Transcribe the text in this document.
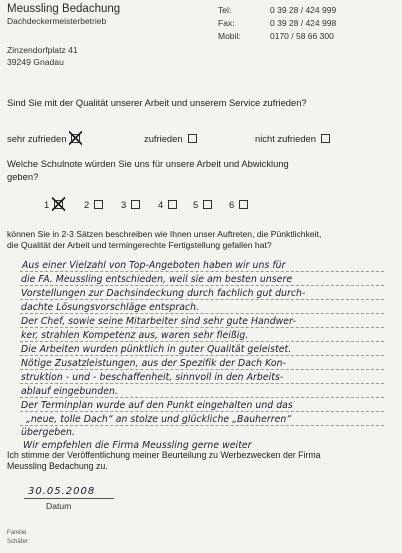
Meussling Bedachung
Dachdeckermeisterbetrieb
Tel:	0 39 28 / 424 999
Fax:	0 39 28 / 424 998
Mobil:	0170 / 58 66 300
Zinzendorfplatz 41
39249 Gnadau
Sind Sie mit der Qualität unserer Arbeit und unserem Service zufrieden?
sehr zufrieden	zufrieden	nicht zufrieden
Welche Schulnote würden Sie uns für unsere Arbeit und Abwicklung
geben?
1	2	3	4	5	6
können Sie in 2-3 Sätzen beschreiben wie Ihnen unser Auftreten, die Pünktlichkeit,
die Qualität der Arbeit und termingerechte Fertigstellung gefallen hat?
Aus einer Vielzahl von Top-Angeboten haben wir uns für
die FA. Meussling entschieden, weil sie am besten unsere
Vorstellungen zur Dachsindeckung durch fachlich gut durch-
dachte Lösungsvorschläge entsprach.
Der Chef, sowie seine Mitarbeiter sind sehr gute Handwer-
ker, strahlen Kompetenz aus, waren sehr fleißig.
Die Arbeiten wurden pünktlich in guter Qualität geleistet.
Nötige Zusatzleistungen, aus der Spezifik der Dach Kon-
struktion - und - beschaffenheit, sinnvoll in den Arbeits-
ablauf eingebunden.
Der Terminplan wurde auf den Punkt eingehalten und das
„neue, tolle Dach“ an stolze und glückliche „Bauherren“
übergeben.
Wir empfehlen die Firma Meussling gerne weiter
Ich stimme der Veröffentlichung meiner Beurteilung zu Werbezwecken der Firma
Meussling Bedachung zu.
30.05.2008
Datum
Familie
Schäfer
